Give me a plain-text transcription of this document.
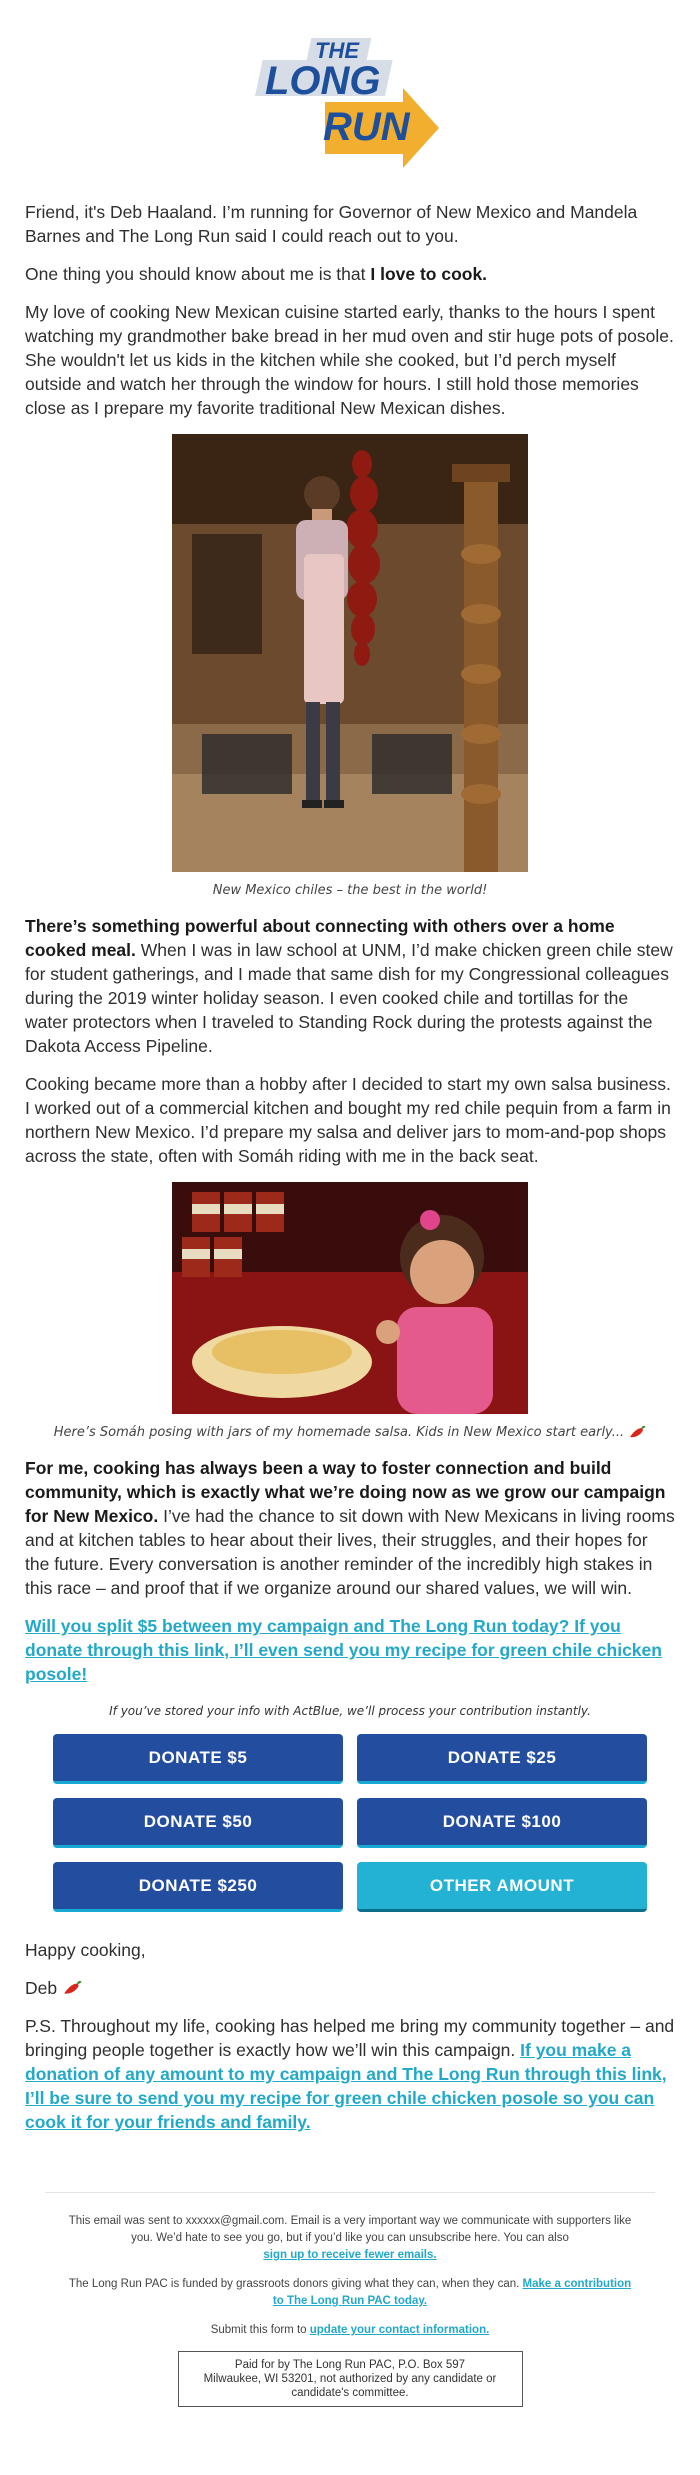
THE
LONG
RUN

Friend, it's Deb Haaland. I’m running for Governor of New Mexico and Mandela Barnes and The Long Run said I could reach out to you.

One thing you should know about me is that I love to cook.

My love of cooking New Mexican cuisine started early, thanks to the hours I spent watching my grandmother bake bread in her mud oven and stir huge pots of posole. She wouldn't let us kids in the kitchen while she cooked, but I’d perch myself outside and watch her through the window for hours. I still hold those memories close as I prepare my favorite traditional New Mexican dishes.

New Mexico chiles – the best in the world!

There’s something powerful about connecting with others over a home cooked meal. When I was in law school at UNM, I’d make chicken green chile stew for student gatherings, and I made that same dish for my Congressional colleagues during the 2019 winter holiday season. I even cooked chile and tortillas for the water protectors when I traveled to Standing Rock during the protests against the Dakota Access Pipeline.

Cooking became more than a hobby after I decided to start my own salsa business. I worked out of a commercial kitchen and bought my red chile pequin from a farm in northern New Mexico. I’d prepare my salsa and deliver jars to mom-and-pop shops across the state, often with Somáh riding with me in the back seat.

Here’s Somáh posing with jars of my homemade salsa. Kids in New Mexico start early...

For me, cooking has always been a way to foster connection and build community, which is exactly what we’re doing now as we grow our campaign for New Mexico. I’ve had the chance to sit down with New Mexicans in living rooms and at kitchen tables to hear about their lives, their struggles, and their hopes for the future. Every conversation is another reminder of the incredibly high stakes in this race – and proof that if we organize around our shared values, we will win.

Will you split $5 between my campaign and The Long Run today? If you donate through this link, I’ll even send you my recipe for green chile chicken posole!

If you’ve stored your info with ActBlue, we’ll process your contribution instantly.
DONATE $5	DONATE $25
DONATE $50	DONATE $100
DONATE $250	OTHER AMOUNT

Happy cooking,

Deb

P.S. Throughout my life, cooking has helped me bring my community together – and bringing people together is exactly how we’ll win this campaign. If you make a donation of any amount to my campaign and The Long Run through this link, I’ll be sure to send you my recipe for green chile chicken posole so you can cook it for your friends and family.

This email was sent to xxxxxx@gmail.com. Email is a very important way we communicate with supporters like you. We’d hate to see you go, but if you’d like you can unsubscribe here. You can also
sign up to receive fewer emails.

The Long Run PAC is funded by grassroots donors giving what they can, when they can. Make a contribution to The Long Run PAC today.

Submit this form to update your contact information.

Paid for by The Long Run PAC, P.O. Box 597
Milwaukee, WI 53201, not authorized by any candidate or candidate's committee.
